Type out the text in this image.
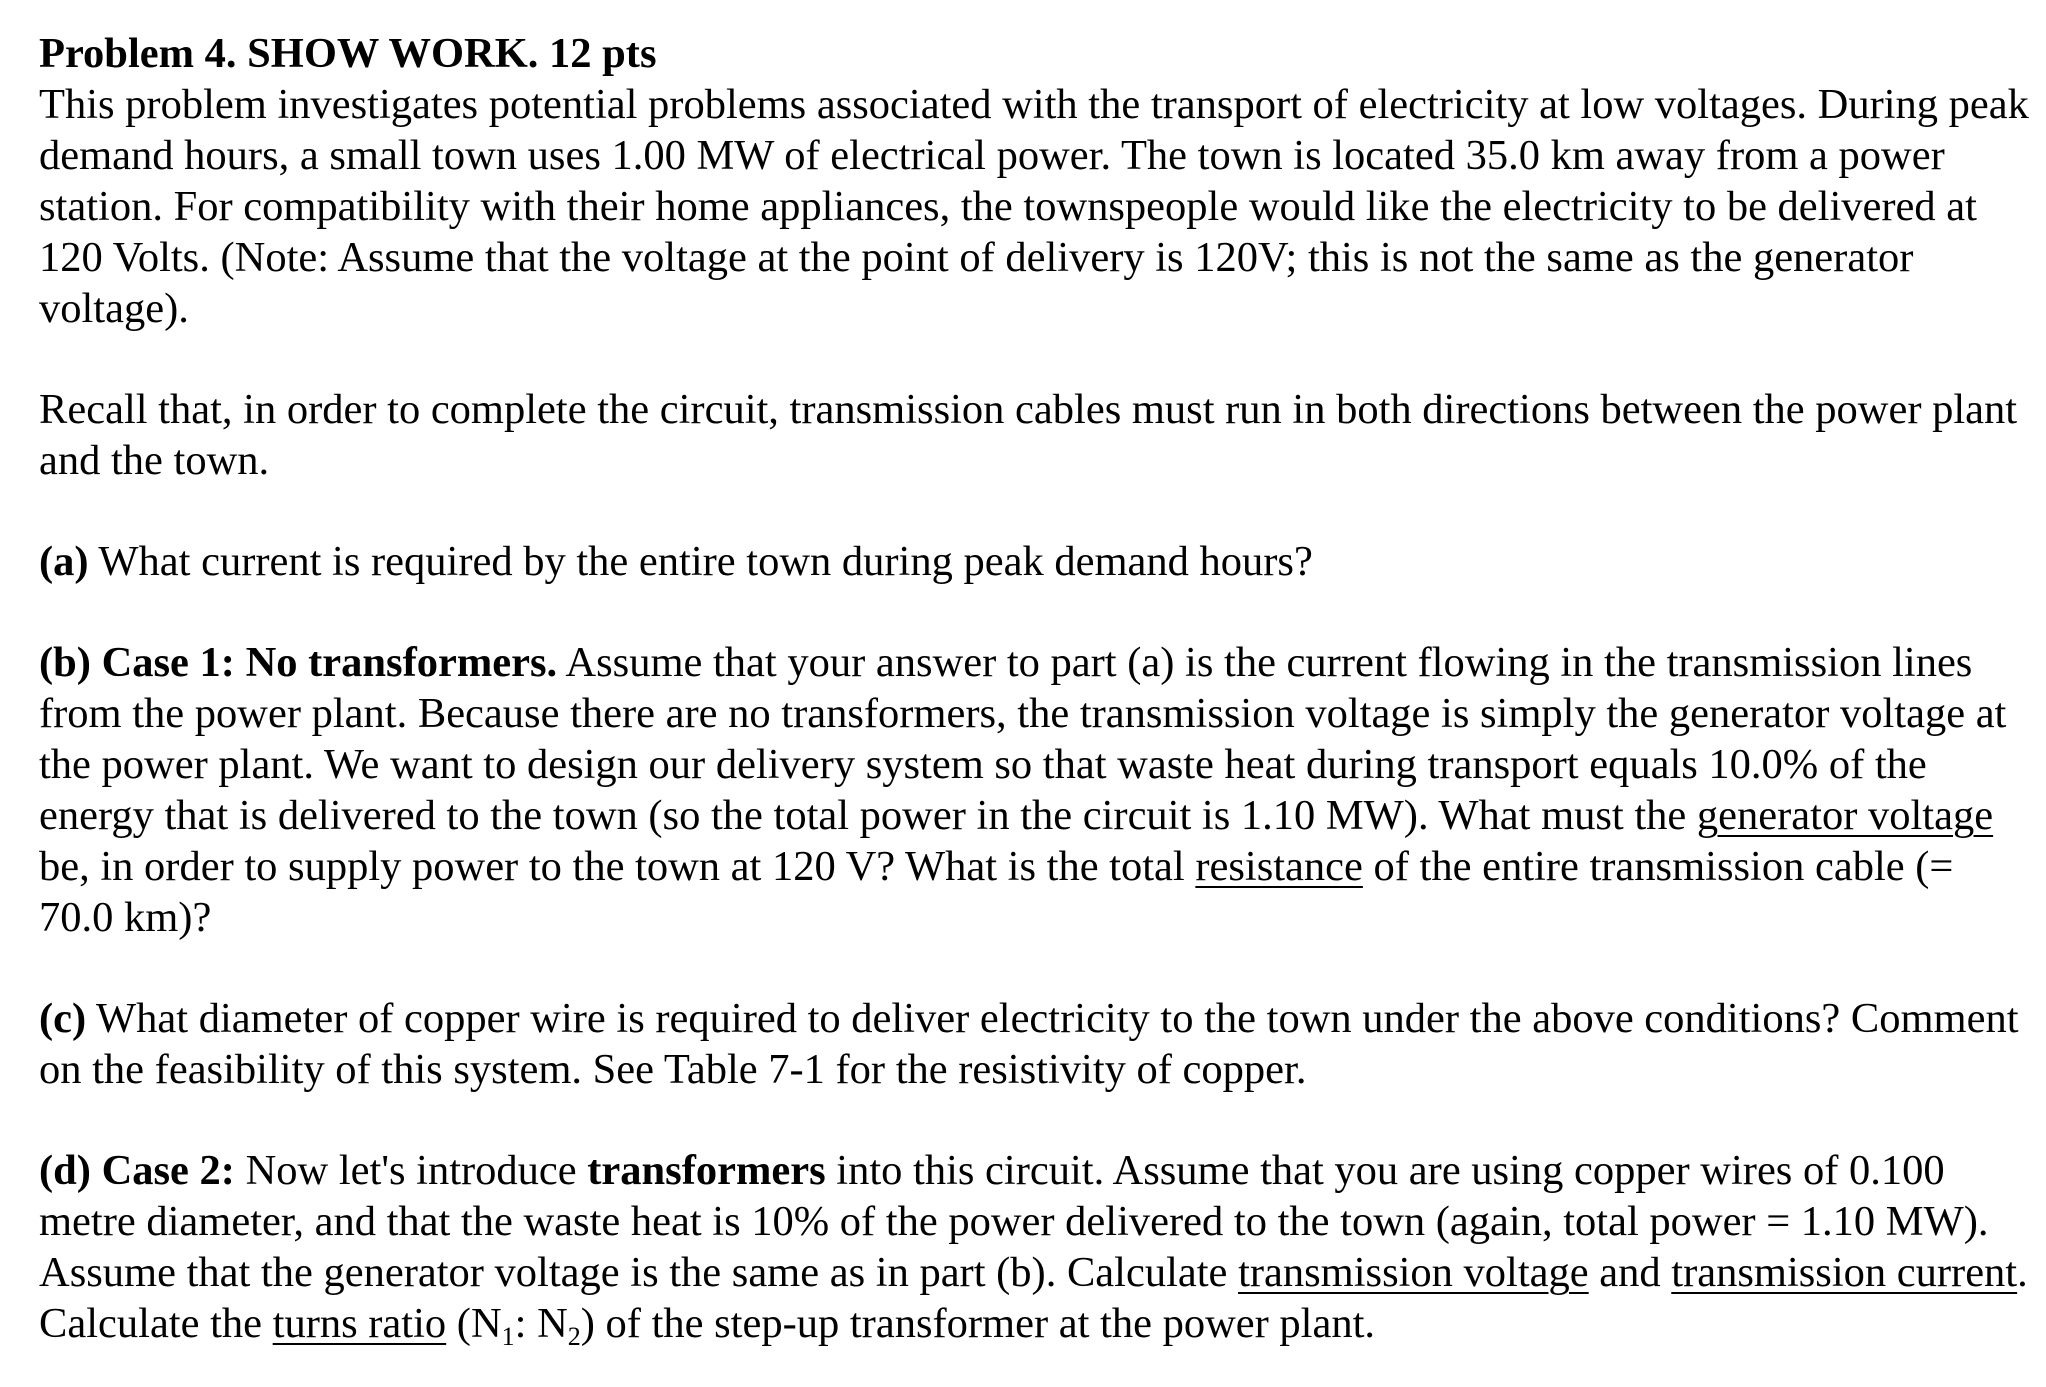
Problem 4. SHOW WORK. 12 pts

This problem investigates potential problems associated with the transport of electricity at low voltages. During peak demand hours, a small town uses 1.00 MW of electrical power. The town is located 35.0 km away from a power station. For compatibility with their home appliances, the townspeople would like the electricity to be delivered at 120 Volts. (Note: Assume that the voltage at the point of delivery is 120V; this is not the same as the generator voltage).

Recall that, in order to complete the circuit, transmission cables must run in both directions between the power plant and the town.

(a) What current is required by the entire town during peak demand hours?

(b) Case 1: No transformers. Assume that your answer to part (a) is the current flowing in the transmission lines from the power plant. Because there are no transformers, the transmission voltage is simply the generator voltage at the power plant. We want to design our delivery system so that waste heat during transport equals 10.0% of the energy that is delivered to the town (so the total power in the circuit is 1.10 MW). What must the generator voltage be, in order to supply power to the town at 120 V? What is the total resistance of the entire transmission cable (= 70.0 km)?

(c) What diameter of copper wire is required to deliver electricity to the town under the above conditions? Comment on the feasibility of this system. See Table 7-1 for the resistivity of copper.

(d) Case 2: Now let's introduce transformers into this circuit. Assume that you are using copper wires of 0.100 metre diameter, and that the waste heat is 10% of the power delivered to the town (again, total power = 1.10 MW). Assume that the generator voltage is the same as in part (b). Calculate transmission voltage and transmission current. Calculate the turns ratio ($N_1$: $N_2$) of the step-up transformer at the power plant.
